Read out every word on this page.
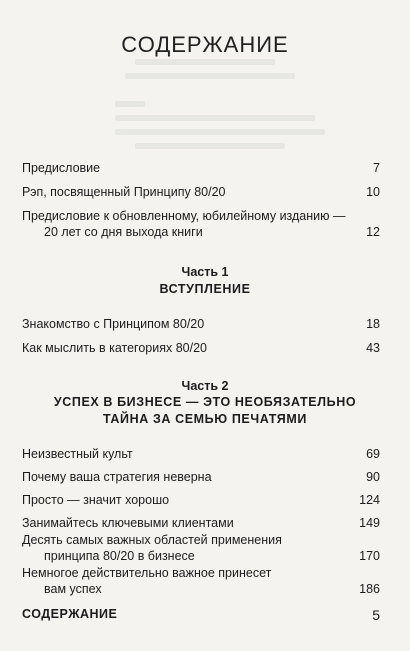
СОДЕРЖАНИЕ
Предисловие	7
Рэп, посвященный Принципу 80/20	10
Предисловие к обновленному, юбилейному изданию —
20 лет со дня выхода книги	12
Часть 1
ВСТУПЛЕНИЕ
Знакомство с Принципом 80/20	18
Как мыслить в категориях 80/20	43
Часть 2
УСПЕХ В БИЗНЕСЕ — ЭТО НЕОБЯЗАТЕЛЬНО
ТАЙНА ЗА СЕМЬЮ ПЕЧАТЯМИ
Неизвестный культ	69
Почему ваша стратегия неверна	90
Просто — значит хорошо	124
Занимайтесь ключевыми клиентами	149
Десять самых важных областей применения
принципа 80/20 в бизнесе	170
Немногое действительно важное принесет
вам успех	186
СОДЕРЖАНИЕ	5
